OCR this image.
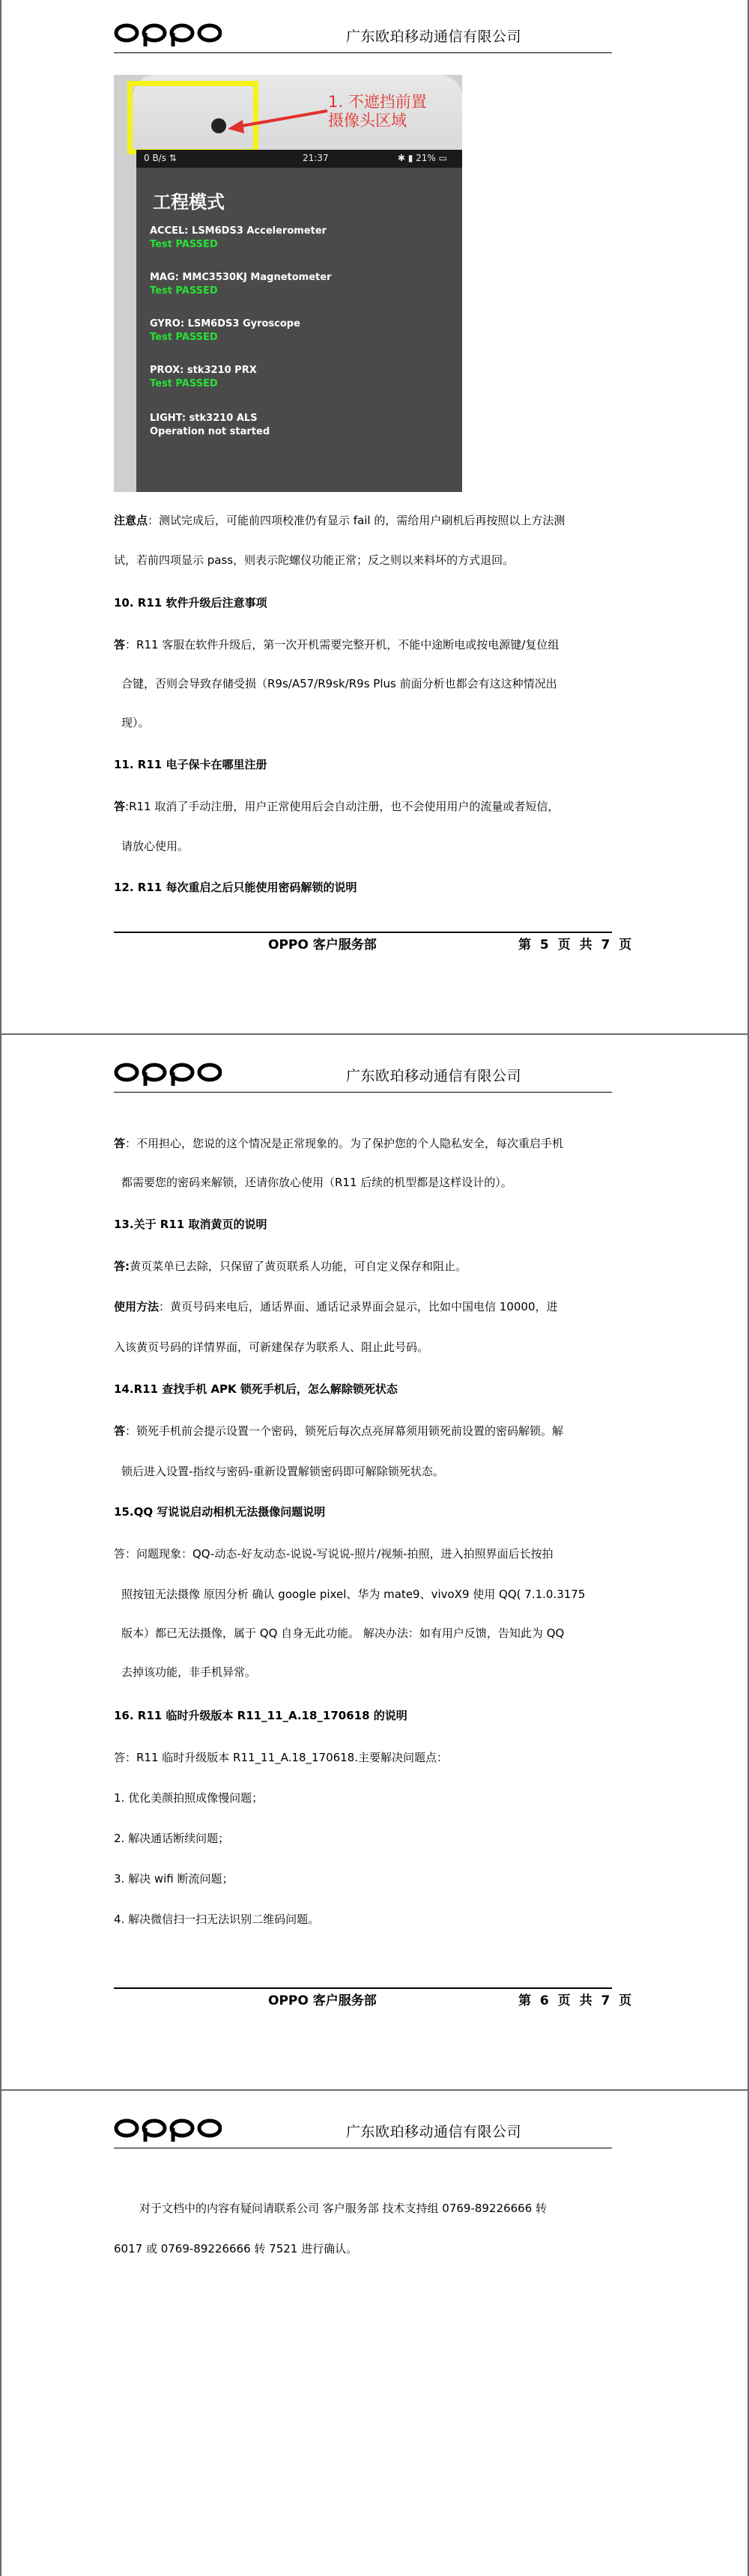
广东欧珀移动通信有限公司
1. 不遮挡前置
摄像头区域
0 B/s ⇅	21:37	✱ ▮ 21% ▭
工程模式
ACCEL: LSM6DS3 Accelerometer
Test PASSED
MAG: MMC3530KJ Magnetometer
Test PASSED
GYRO: LSM6DS3 Gyroscope
Test PASSED
PROX: stk3210 PRX
Test PASSED
LIGHT: stk3210 ALS
Operation not started
注意点：测试完成后，可能前四项校准仍有显示 fail 的，需给用户刷机后再按照以上方法测
试，若前四项显示 pass，则表示陀螺仪功能正常；反之则以来料坏的方式退回。
10. R11 软件升级后注意事项
答：R11 客服在软件升级后，第一次开机需要完整开机，不能中途断电或按电源键/复位组
合键，否则会导致存储受损（R9s/A57/R9sk/R9s Plus 前面分析也都会有这这种情况出
现）。
11. R11 电子保卡在哪里注册
答:R11 取消了手动注册，用户正常使用后会自动注册，也不会使用用户的流量或者短信，
请放心使用。
12. R11 每次重启之后只能使用密码解锁的说明
OPPO 客户服务部	第 5 页 共 7 页
广东欧珀移动通信有限公司
答：不用担心，您说的这个情况是正常现象的。为了保护您的个人隐私安全，每次重启手机
都需要您的密码来解锁，还请你放心使用（R11 后续的机型都是这样设计的）。
13.关于 R11 取消黄页的说明
答:黄页菜单已去除，只保留了黄页联系人功能，可自定义保存和阻止。
使用方法：黄页号码来电后，通话界面、通话记录界面会显示，比如中国电信 10000，进
入该黄页号码的详情界面，可新建保存为联系人、阻止此号码。
14.R11 查找手机 APK 锁死手机后，怎么解除锁死状态
答：锁死手机前会提示设置一个密码，锁死后每次点亮屏幕须用锁死前设置的密码解锁。解
锁后进入设置-指纹与密码-重新设置解锁密码即可解除锁死状态。
15.QQ 写说说启动相机无法摄像问题说明
答：问题现象：QQ-动态-好友动态-说说-写说说-照片/视频-拍照，进入拍照界面后长按拍
照按钮无法摄像 原因分析 确认 google pixel、华为 mate9、vivoX9 使用 QQ( 7.1.0.3175
版本）都已无法摄像，属于 QQ 自身无此功能。 解决办法：如有用户反馈，告知此为 QQ
去掉该功能，非手机异常。
16. R11 临时升级版本 R11_11_A.18_170618 的说明
答：R11 临时升级版本 R11_11_A.18_170618.主要解决问题点：
1. 优化美颜拍照成像慢问题；
2. 解决通话断续问题；
3. 解决 wifi 断流问题；
4. 解决微信扫一扫无法识别二维码问题。
OPPO 客户服务部	第 6 页 共 7 页
广东欧珀移动通信有限公司
对于文档中的内容有疑问请联系公司 客户服务部 技术支持组 0769-89226666 转
6017 或 0769-89226666 转 7521 进行确认。
